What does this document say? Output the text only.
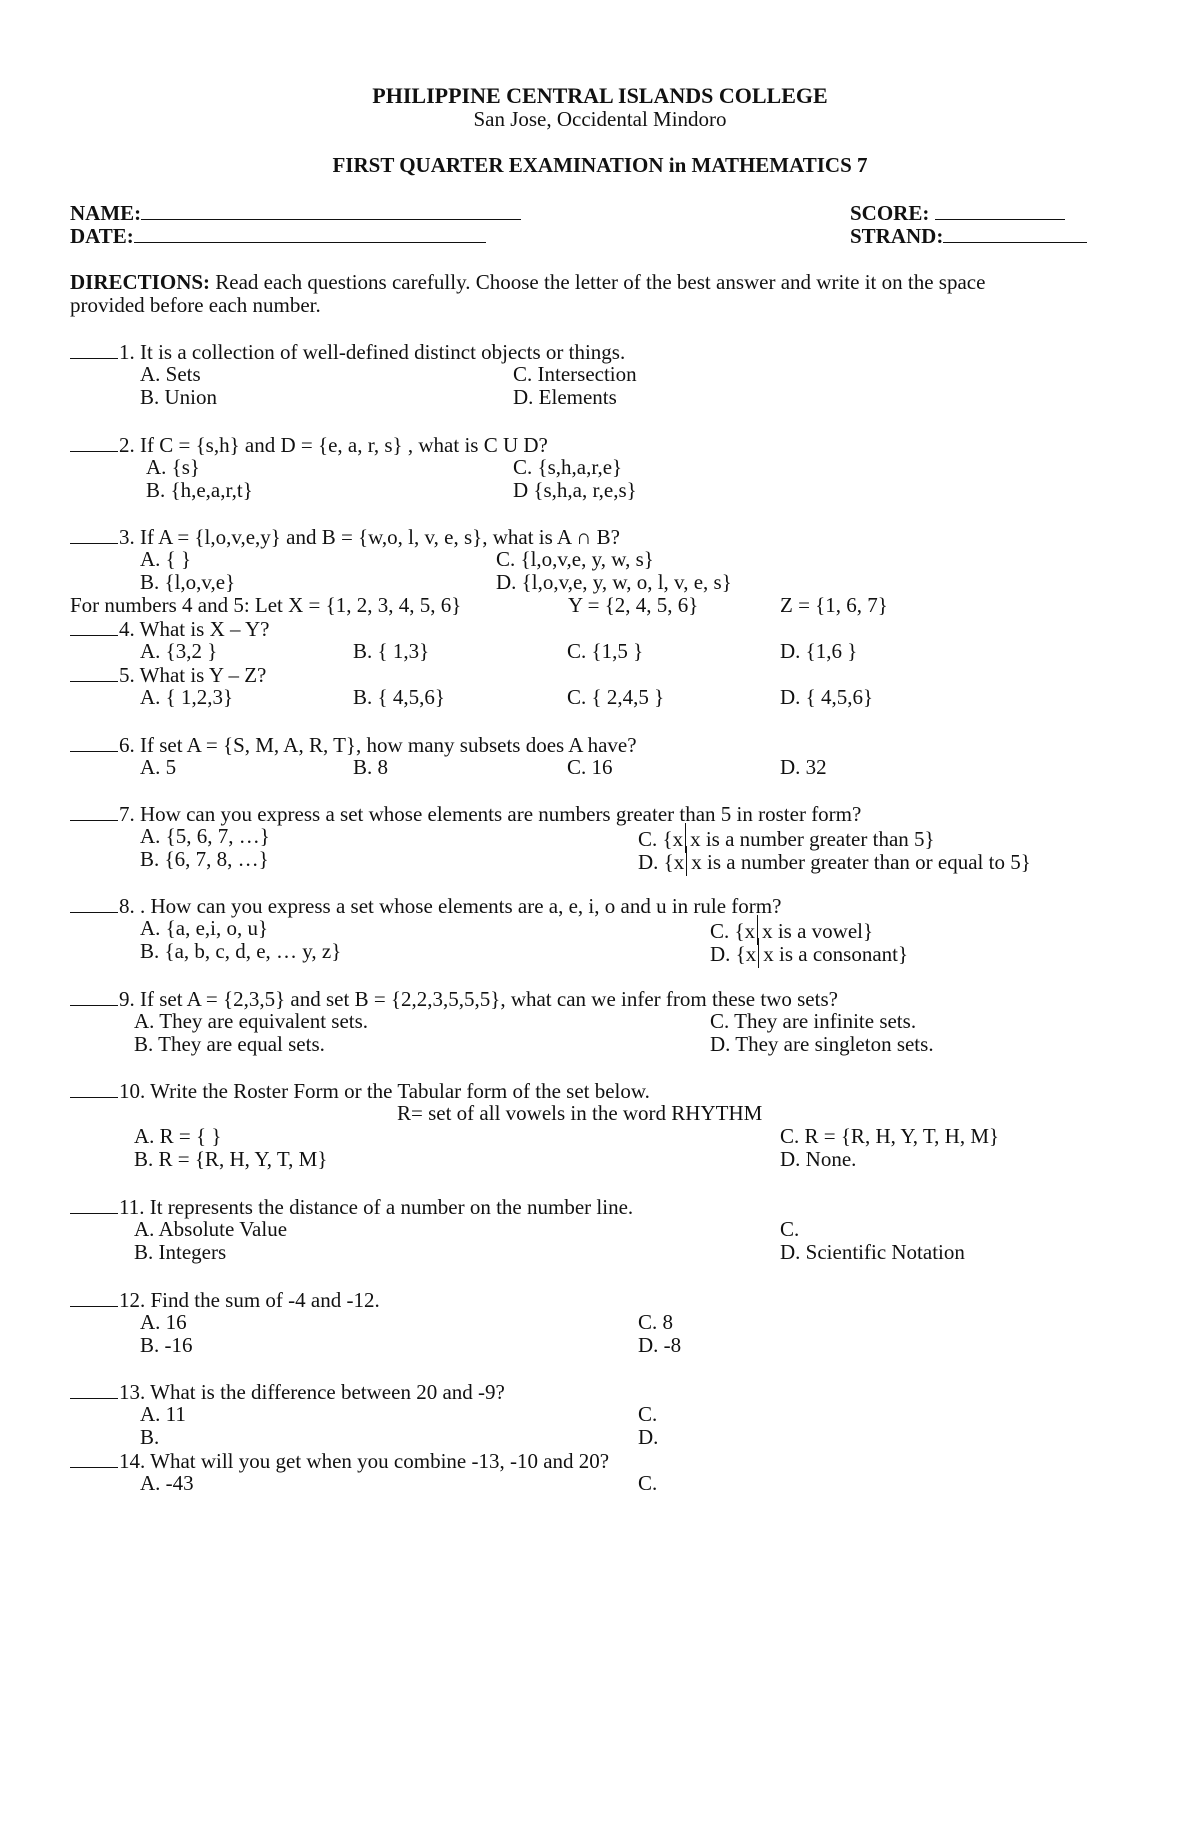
PHILIPPINE CENTRAL ISLANDS COLLEGE
San Jose, Occidental Mindoro
FIRST QUARTER EXAMINATION in MATHEMATICS 7
NAME:
DATE:
SCORE:
STRAND:
DIRECTIONS: Read each questions carefully. Choose the letter of the best answer and write it on the space
provided before each number.
1. It is a collection of well-defined distinct objects or things.
A. Sets	C. Intersection
B. Union	D. Elements
2. If C = {s,h} and D = {e, a, r, s} , what is C U D?
A. {s}	C. {s,h,a,r,e}
B. {h,e,a,r,t}	D {s,h,a, r,e,s}
3. If A = {l,o,v,e,y} and B = {w,o, l, v, e, s}, what is A ∩ B?
A. { }	C. {l,o,v,e, y, w, s}
B. {l,o,v,e}	D. {l,o,v,e, y, w, o, l, v, e, s}
For numbers 4 and 5: Let X = {1, 2, 3, 4, 5, 6}	Y = {2, 4, 5, 6}	Z = {1, 6, 7}
4. What is X – Y?
A. {3,2 }	B. { 1,3}	C. {1,5 }	D. {1,6 }
5. What is Y – Z?
A. { 1,2,3}	B. { 4,5,6}	C. { 2,4,5 }	D. { 4,5,6}
6. If set A = {S, M, A, R, T}, how many subsets does A have?
A. 5	B. 8	C. 16	D. 32
7. How can you express a set whose elements are numbers greater than 5 in roster form?
A. {5, 6, 7, …}	C. {x x is a number greater than 5}
B. {6, 7, 8, …}	D. {x x is a number greater than or equal to 5}
8. . How can you express a set whose elements are a, e, i, o and u in rule form?
A. {a, e,i, o, u}	C. {x x is a vowel}
B. {a, b, c, d, e, … y, z}	D. {x x is a consonant}
9. If set A = {2,3,5} and set B = {2,2,3,5,5,5}, what can we infer from these two sets?
A. They are equivalent sets.	C. They are infinite sets.
B. They are equal sets.	D. They are singleton sets.
10. Write the Roster Form or the Tabular form of the set below.
R= set of all vowels in the word RHYTHM
A. R = { }	C. R = {R, H, Y, T, H, M}
B. R = {R, H, Y, T, M}	D. None.
11. It represents the distance of a number on the number line.
A. Absolute Value	C.
B. Integers	D. Scientific Notation
12. Find the sum of -4 and -12.
A. 16	C. 8
B. -16	D. -8
13. What is the difference between 20 and -9?
A. 11	C.
B.	D.
14. What will you get when you combine -13, -10 and 20?
A. -43	C.
